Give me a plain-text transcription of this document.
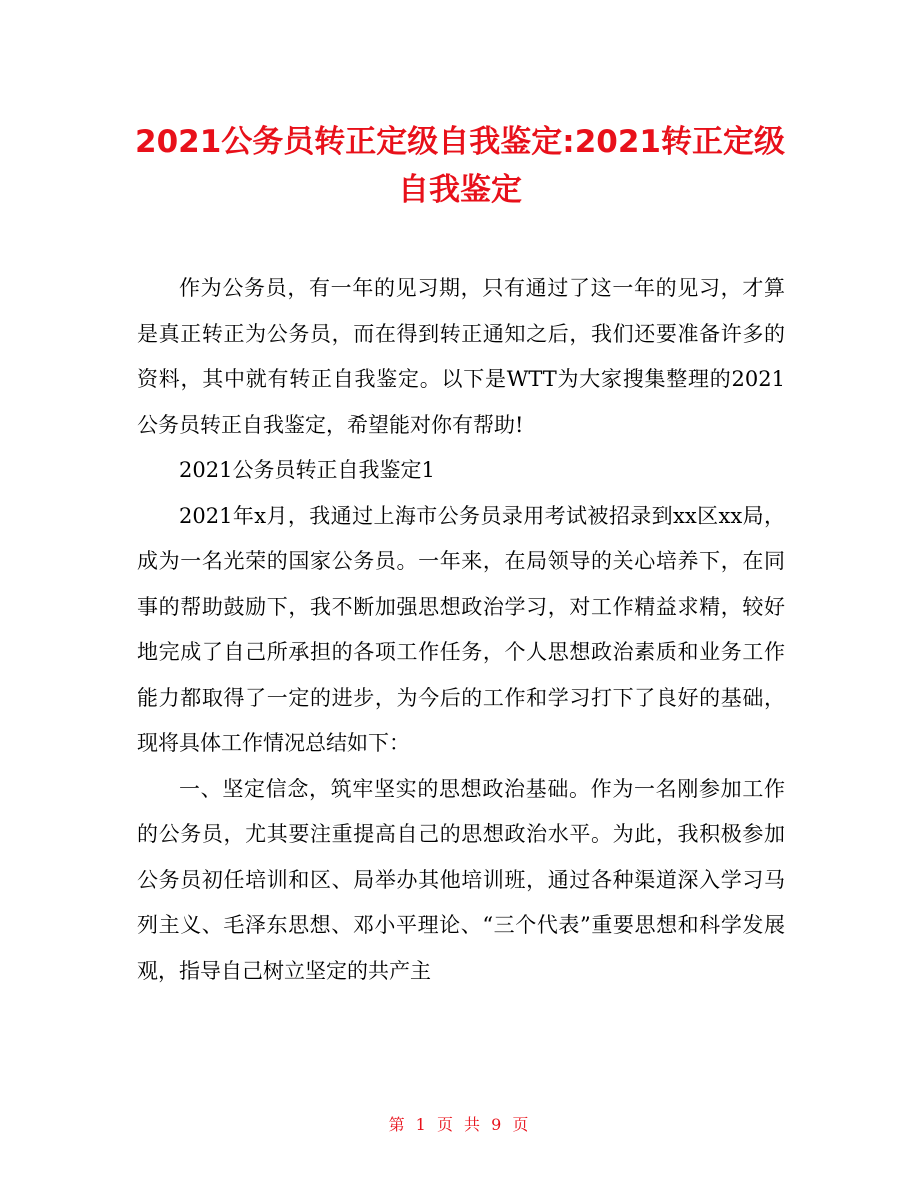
2021公务员转正定级自我鉴定:2021转正定级自我鉴定

作为公务员，有一年的见习期，只有通过了这一年的见习，才算是真正转正为公务员，而在得到转正通知之后，我们还要准备许多的资料，其中就有转正自我鉴定。以下是WTT为大家搜集整理的2021公务员转正自我鉴定，希望能对你有帮助!

2021公务员转正自我鉴定1

2021年x月，我通过上海市公务员录用考试被招录到xx区xx局，成为一名光荣的国家公务员。一年来，在局领导的关心培养下，在同事的帮助鼓励下，我不断加强思想政治学习，对工作精益求精，较好地完成了自己所承担的各项工作任务，个人思想政治素质和业务工作能力都取得了一定的进步，为今后的工作和学习打下了良好的基础，现将具体工作情况总结如下：

一、坚定信念，筑牢坚实的思想政治基础。作为一名刚参加工作的公务员，尤其要注重提高自己的思想政治水平。为此，我积极参加公务员初任培训和区、局举办其他培训班，通过各种渠道深入学习马列主义、毛泽东思想、邓小平理论、“三个代表”重要思想和科学发展观，指导自己树立坚定的共产主

第 1 页 共 9 页
